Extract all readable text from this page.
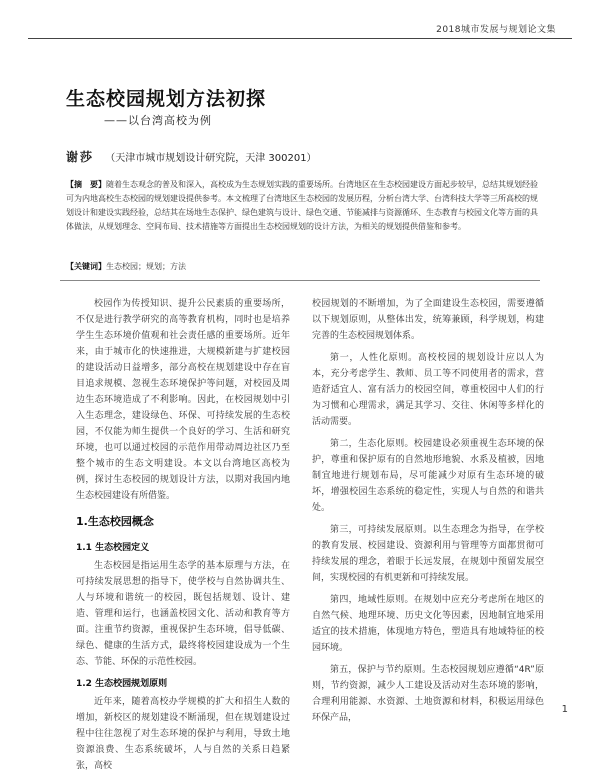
2018城市发展与规划论文集
生态校园规划方法初探
——以台湾高校为例
谢莎 （天津市城市规划设计研究院，天津 300201）
【摘　要】随着生态观念的普及和深入，高校成为生态规划实践的重要场所。台湾地区在生态校园建设方面起步较早，总结其规划经验可为内地高校生态校园的规划建设提供参考。本文梳理了台湾地区生态校园的发展历程，分析台湾大学、台湾科技大学等三所高校的规划设计和建设实践经验，总结其在场地生态保护、绿色建筑与设计、绿色交通、节能减排与资源循环、生态教育与校园文化等方面的具体做法，从规划理念、空间布局、技术措施等方面提出生态校园规划的设计方法，为相关的规划提供借鉴和参考。
【关键词】生态校园；规划；方法

校园作为传授知识、提升公民素质的重要场所，不仅是进行教学研究的高等教育机构，同时也是培养学生生态环境价值观和社会责任感的重要场所。近年来，由于城市化的快速推进，大规模新建与扩建校园的建设活动日益增多，部分高校在规划建设中存在盲目追求规模、忽视生态环境保护等问题，对校园及周边生态环境造成了不利影响。因此，在校园规划中引入生态理念，建设绿色、环保、可持续发展的生态校园，不仅能为师生提供一个良好的学习、生活和研究环境，也可以通过校园的示范作用带动周边社区乃至整个城市的生态文明建设。本文以台湾地区高校为例，探讨生态校园的规划设计方法，以期对我国内地生态校园建设有所借鉴。

1.生态校园概念
1.1 生态校园定义

生态校园是指运用生态学的基本原理与方法，在可持续发展思想的指导下，使学校与自然协调共生、人与环境和谐统一的校园，既包括规划、设计、建造、管理和运行，也涵盖校园文化、活动和教育等方面。注重节约资源，重视保护生态环境，倡导低碳、绿色、健康的生活方式，最终将校园建设成为一个生态、节能、环保的示范性校园。

1.2 生态校园规划原则

近年来，随着高校办学规模的扩大和招生人数的增加，新校区的规划建设不断涌现，但在规划建设过程中往往忽视了对生态环境的保护与利用，导致土地资源浪费、生态系统破坏，人与自然的关系日趋紧张，高校

校园规划的不断增加，为了全面建设生态校园，需要遵循以下规划原则，从整体出发，统筹兼顾，科学规划，构建完善的生态校园规划体系。

第一，人性化原则。高校校园的规划设计应以人为本，充分考虑学生、教师、员工等不同使用者的需求，营造舒适宜人、富有活力的校园空间，尊重校园中人们的行为习惯和心理需求，满足其学习、交往、休闲等多样化的活动需要。

第二，生态化原则。校园建设必须重视生态环境的保护，尊重和保护原有的自然地形地貌、水系及植被，因地制宜地进行规划布局，尽可能减少对原有生态环境的破坏，增强校园生态系统的稳定性，实现人与自然的和谐共处。

第三，可持续发展原则。以生态理念为指导，在学校的教育发展、校园建设、资源利用与管理等方面都贯彻可持续发展的理念，着眼于长远发展，在规划中预留发展空间，实现校园的有机更新和可持续发展。

第四，地域性原则。在规划中应充分考虑所在地区的自然气候、地理环境、历史文化等因素，因地制宜地采用适宜的技术措施，体现地方特色，塑造具有地域特征的校园环境。

第五，保护与节约原则。生态校园规划应遵循“4R”原则，节约资源，减少人工建设及活动对生态环境的影响，合理利用能源、水资源、土地资源和材料，积极运用绿色环保产品，

1
